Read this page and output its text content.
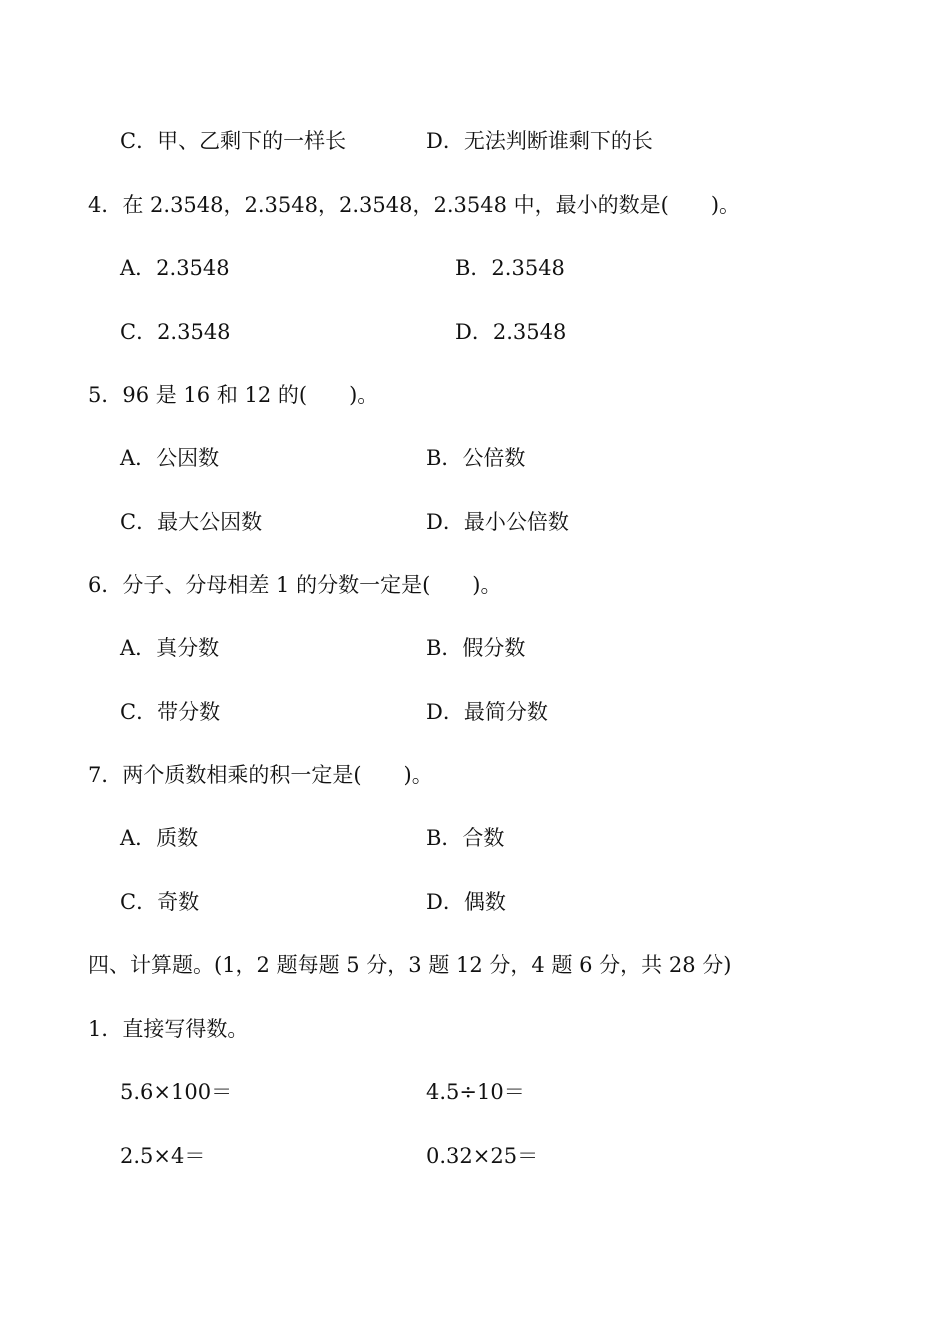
C．甲、乙剩下的一样长	D．无法判断谁剩下的长
4．在 2.3548，2.3548，2.3548，2.3548 中，最小的数是(　　)。
A．2.3548	B．2.3548
C．2.3548	D．2.3548
5．96 是 16 和 12 的(　　)。
A．公因数	B．公倍数
C．最大公因数	D．最小公倍数
6．分子、分母相差 1 的分数一定是(　　)。
A．真分数	B．假分数
C．带分数	D．最简分数
7．两个质数相乘的积一定是(　　)。
A．质数	B．合数
C．奇数	D．偶数
四、计算题。(1，2 题每题 5 分，3 题 12 分，4 题 6 分，共 28 分)
1．直接写得数。
5.6×100＝	4.5÷10＝
2.5×4＝	0.32×25＝
